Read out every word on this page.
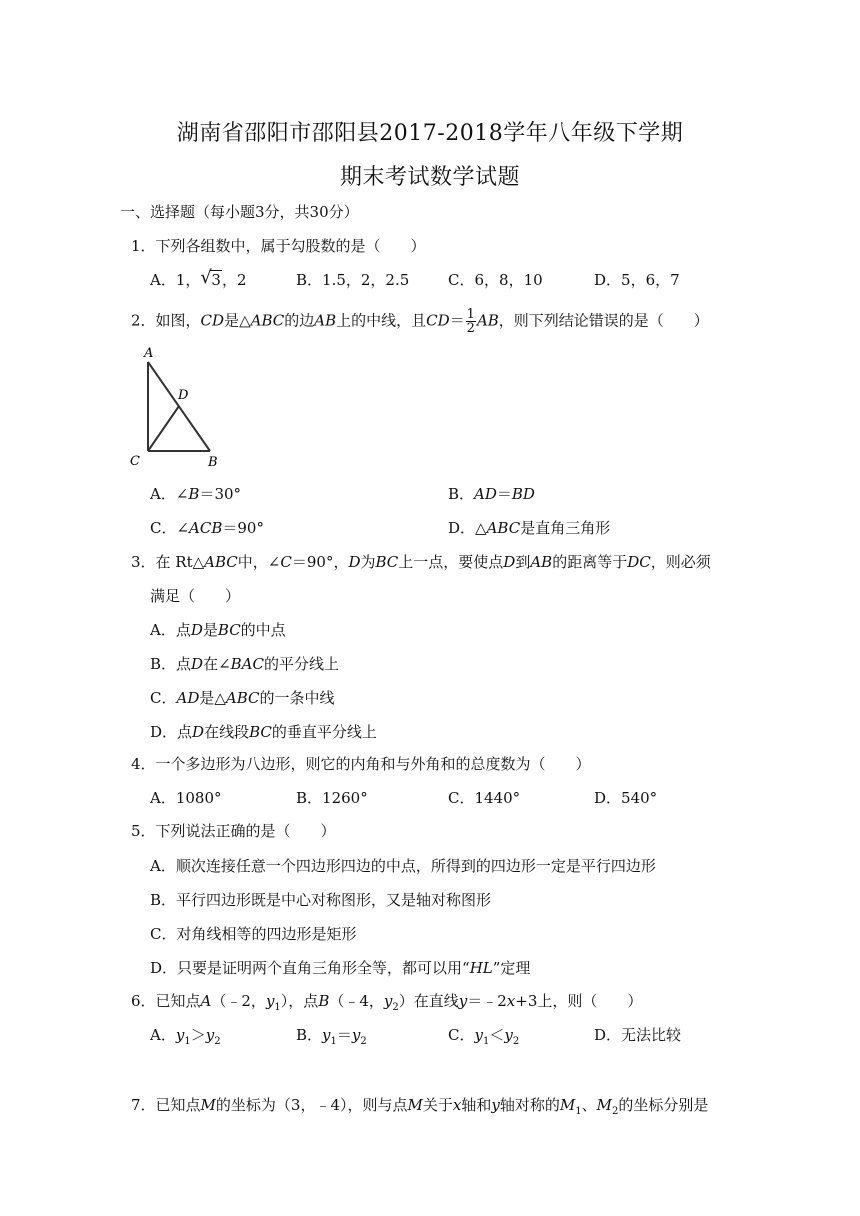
湖南省邵阳市邵阳县2017-2018学年八年级下学期
期末考试数学试题
一、选择题（每小题3分，共30分）
1．下列各组数中，属于勾股数的是（　　）
A．1， √ 3，2	B．1.5，2，2.5	C．6，8，10	D．5，6，7
2．如图，CD是△ABC的边AB上的中线，且$CD= \frac{1}{2}$ AB，则下列结论错误的是（　　）
A
D
C	B
A．∠B＝30°	B．AD＝BD
C．∠ACB＝90°	D．△ABC是直角三角形
3．在 Rt△ABC中，∠C＝90°，D为BC上一点，要使点D到AB的距离等于DC，则必须
满足（　　）
A．点D是BC的中点
B．点D在∠BAC的平分线上
C．AD是△ABC的一条中线
D．点D在线段BC的垂直平分线上
4．一个多边形为八边形，则它的内角和与外角和的总度数为（　　）
A．1080°	B．1260°	C．1440°	D．540°
5．下列说法正确的是（　　）
A．顺次连接任意一个四边形四边的中点，所得到的四边形一定是平行四边形
B．平行四边形既是中心对称图形，又是轴对称图形
C．对角线相等的四边形是矩形
D．只要是证明两个直角三角形全等，都可以用“HL”定理
6．已知点A（﹣2，$y_1$），点B（﹣4，$y_2$）在直线y＝﹣2x+3上，则（　　）
A．$y_1>y_2$	B．$y_1=y_2$	C．$y_1<y_2$	D．无法比较
7．已知点M的坐标为（3，﹣4），则与点M关于x轴和y轴对称的$M_1$、$M_2$的坐标分别是
